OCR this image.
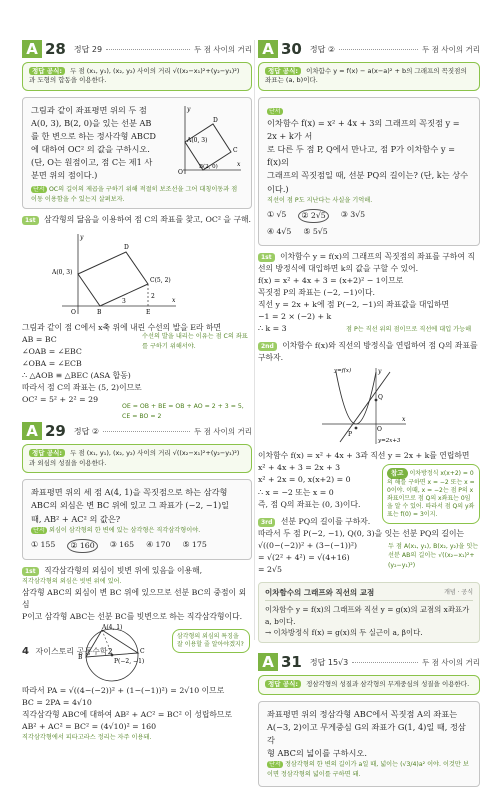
A 28 정답 29	두 점 사이의 거리
정답 공식: 두 점 (x₁, y₁), (x₂, y₂) 사이의 거리 √((x₂−x₁)²+(y₂−y₁)²) 과 도형의 합동을 이용한다.
그림과 같이 좌표평면 위의 두 점
A(0, 3), B(2, 0)을 있는 선분 AB
를 한 변으로 하는 정사각형 ABCD
에 대하여 OC² 의 값을 구하시오.
(단, O는 원점이고, 점 C는 제1 사
분면 위의 점이다.)
A(0, 3)
B(2, 0)
C
D
O
x
y
단서 OC의 길이의 제곱을 구하기 위해 적절히 보조선을 그어 대칭이동과 점이동 이용함을 수 있는지 살펴보자.
1st 삼각형의 닮음을 이용하여 점 C의 좌표를 찾고, OC² 을 구해.
A(0, 3)
C(5, 2)
E
B
O
D
2
3	x
y
그림과 같이 점 C에서 x축 위에 내린 수선의 발을 E라 하면
AB = BC
∠OAB = ∠EBC
∠OBA = ∠ECB
∴ △AOB ≡ △BEC (ASA 합동)
따라서 점 C의 좌표는 (5, 2)이므로
OC² = 5² + 2² = 29
수선의 발을 내리는 이유는 점 C의 좌표를 구하기 위해서야.
OE = OB + BE = OB + AO = 2 + 3 = 5, CE = BO = 2
A 29 정답 ②	두 점 사이의 거리
정답 공식: 두 점 (x₁, y₁), (x₂, y₂) 사이의 거리 √((x₂−x₁)²+(y₂−y₁)²) 과 외심의 성질을 이용한다.
좌표평면 위의 세 점 A(4, 1)을 꼭짓점으로 하는 삼각형
ABC의 외심은 변 BC 위에 있고 그 좌표가 (−2, −1)일
때, AB² + AC² 의 값은?
단서 외심이 삼각형의 한 변에 있는 삼각형은 직각삼각형이야.
① 155	② 160	③ 165 ④ 170 ⑤ 175
1st 직각삼각형의 외심이 빗변 위에 있음을 이용해,
직각삼각형의 외심은 빗변 위에 있어.
삼각형 ABC의 외심이 변 BC 위에 있으므로 선분 BC의 중점이 외심
P이고 삼각형 ABC는 선분 BC를 빗변으로 하는 직각삼각형이다.
A(4, 1)
P(−2, −1)
B
C
삼각형의 외심의 특징을 잘 이용할 줄 알아야겠지?
따라서 PA = √((4−(−2))² + (1−(−1))²) = 2√10 이므로
BC = 2PA = 4√10
직각삼각형 ABC에 대하여 AB² + AC² = BC² 이 성립하므로
AB² + AC² = BC² = (4√10)² = 160
직각삼각형에서 피타고라스 정리는 자주 이용돼.
A 30 정답 ②	두 점 사이의 거리
정답 공식: 이차함수 y = f(x) − a(x−a)² + b의 그래프의 꼭짓점의 좌표는 (a, b)이다.
단서
이차함수 f(x) = x² + 4x + 3의 그래프의 꼭짓점 y = 2x + k가 서
로 다른 두 점 P, Q에서 만나고, 점 P가 이차함수 y = f(x)의
그래프의 꼭짓점일 때, 선분 PQ의 길이는? (단, k는 상수이다.)
직선이 점 P도 지난다는 사실을 기억해.
① √5	② 2√5	③ 3√5
④ 4√5 ⑤ 5√5
1st 이차함수 y = f(x)의 그래프의 꼭짓점의 좌표를 구하여 직선의 방정식에 대입하면 k의 값을 구할 수 있어.
f(x) = x² + 4x + 3 = (x+2)² − 1이므로
꼭짓점 P의 좌표는 (−2, −1)이다.
직선 y = 2x + k에 점 P(−2, −1)의 좌표값을 대입하면
−1 = 2 × (−2) + k
∴ k = 3	점 P는 직선 위의 점이므로 직선에 대입 가능해
2nd 이차함수 f(x)와 직선의 방정식을 연립하여 점 Q의 좌표를 구하자.
y=f(x)
y=2x+3
P
Q
O
x
y
이차함수 f(x) = x² + 4x + 3과 직선 y = 2x + k를 연립하면
x² + 4x + 3 = 2x + 3
x² + 2x = 0, x(x+2) = 0
∴ x = −2 또는 x = 0
즉, 점 Q의 좌표는 (0, 3)이다.
참고 이차방정식 x(x+2) = 0의 해를 구하면 x = −2 또는 x = 0이야. 이때, x = −2는 점 P의 x좌표이므로 점 Q의 x좌표는 0임을 알 수 있어. 따라서 점 Q의 y좌표는 f(0) = 3이지.
3rd 선분 PQ의 길이를 구하자.
따라서 두 점 P(−2, −1), Q(0, 3)을 잇는 선분 PQ의 길이는
√((0−(−2))² + (3−(−1))²)
= √(2² + 4²) = √(4+16)
= 2√5
두 점 A(x₁, y₁), B(x₂, y₂)을 잇는 선분 AB의 길이는 √((x₂−x₁)²+(y₂−y₁)²)
이차함수의 그래프와 직선의 교점	개념 · 공식
이차함수 y = f(x)의 그래프와 직선 y = g(x)의 교점의 x좌표가
a, b이다.
→ 이차방정식 f(x) = g(x)의 두 실근이 a, β이다.
A 31 정답 15√3	두 점 사이의 거리
정답 공식: 정삼각형의 성질과 삼각형의 무게중심의 성질을 이용한다.
좌표평면 위의 정삼각형 ABC에서 꼭짓점 A의 좌표는
A(−3, 2)이고 무게중심 G의 좌표가 G(1, 4)일 때, 정삼각
형 ABC의 넓이를 구하시오.
단서 정삼각형의 한 변의 길이가 a일 때, 넓이는 (√3/4)a² 이야. 이것만 보이면 정삼각형의 넓이를 구하면 돼.
4 자이스토리 공통수학2
